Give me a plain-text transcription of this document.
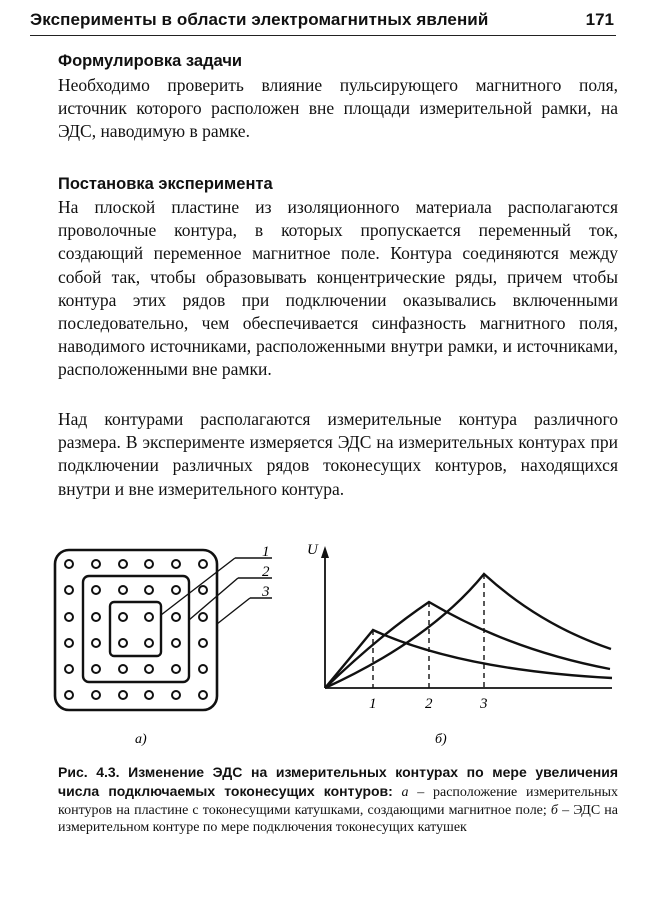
Эксперименты в области электромагнитных явлений	171
Формулировка задачи
Необходимо проверить влияние пульсирующего магнитного поля, источник которого расположен вне площади измерительной рамки, на ЭДС, наводимую в рамке.
Постановка эксперимента
На плоской пластине из изоляционного материала располагаются проволочные контура, в которых пропускается переменный ток, создающий переменное магнитное поле. Контура соединяются между собой так, чтобы образовывать концентрические ряды, причем чтобы контура этих рядов при подключении оказывались включенными последовательно, чем обеспечивается синфазность магнитного поля, наводимого источниками, расположенными внутри рамки, и источниками, расположенными вне рамки.
Над контурами располагаются измерительные контура различного размера. В эксперименте измеряется ЭДС на измерительных контурах при подключении различных рядов токонесущих контуров, находящихся внутри и вне измерительного контура.
1
2
3
а)
U
1	2	3
б)
Рис. 4.3. Изменение ЭДС на измерительных контурах по мере увеличения числа подключаемых токонесущих контуров: а – расположение измерительных контуров на пластине с токонесущими катушками, создающими магнитное поле; б – ЭДС на измерительном контуре по мере подключения токонесущих катушек
